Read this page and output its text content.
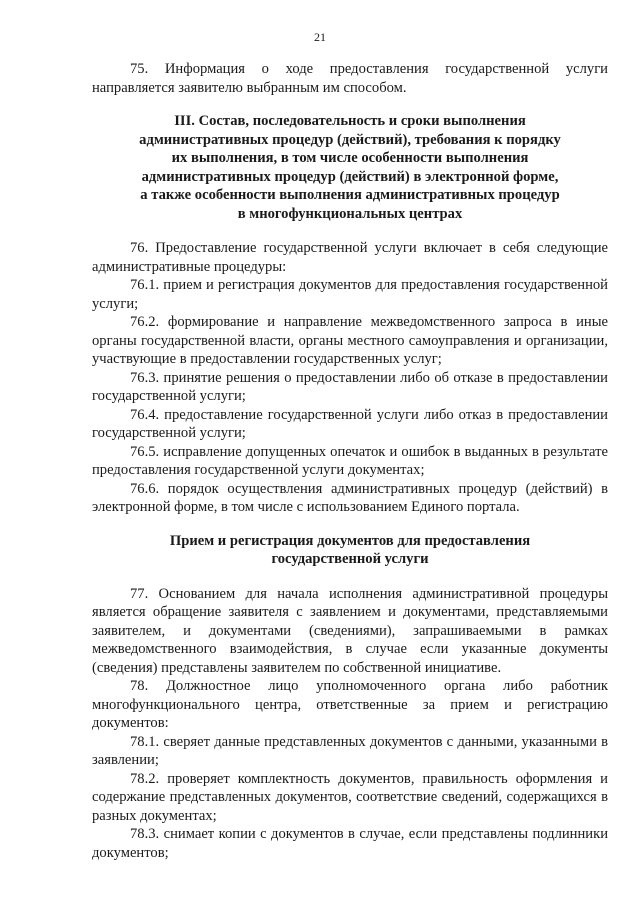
21

75. Информация о ходе предоставления государственной услуги направляется заявителю выбранным им способом.

III. Состав, последовательность и сроки выполнения

административных процедур (действий), требования к порядку

их выполнения, в том числе особенности выполнения

административных процедур (действий) в электронной форме,

а также особенности выполнения административных процедур

в многофункциональных центрах

76. Предоставление государственной услуги включает в себя следующие административные процедуры:

76.1. прием и регистрация документов для предоставления государственной услуги;

76.2. формирование и направление межведомственного запроса в иные органы государственной власти, органы местного самоуправления и организации, участвующие в предоставлении государственных услуг;

76.3. принятие решения о предоставлении либо об отказе в предоставлении государственной услуги;

76.4. предоставление государственной услуги либо отказ в предоставлении государственной услуги;

76.5. исправление допущенных опечаток и ошибок в выданных в результате предоставления государственной услуги документах;

76.6. порядок осуществления административных процедур (действий) в электронной форме, в том числе с использованием Единого портала.

Прием и регистрация документов для предоставления

государственной услуги

77. Основанием для начала исполнения административной процедуры является обращение заявителя с заявлением и документами, представляемыми заявителем, и документами (сведениями), запрашиваемыми в рамках межведомственного взаимодействия, в случае если указанные документы (сведения) представлены заявителем по собственной инициативе.

78. Должностное лицо уполномоченного органа либо работник многофункционального центра, ответственные за прием и регистрацию документов:

78.1. сверяет данные представленных документов с данными, указанными в заявлении;

78.2. проверяет комплектность документов, правильность оформления и содержание представленных документов, соответствие сведений, содержащихся в разных документах;

78.3. снимает копии с документов в случае, если представлены подлинники документов;
